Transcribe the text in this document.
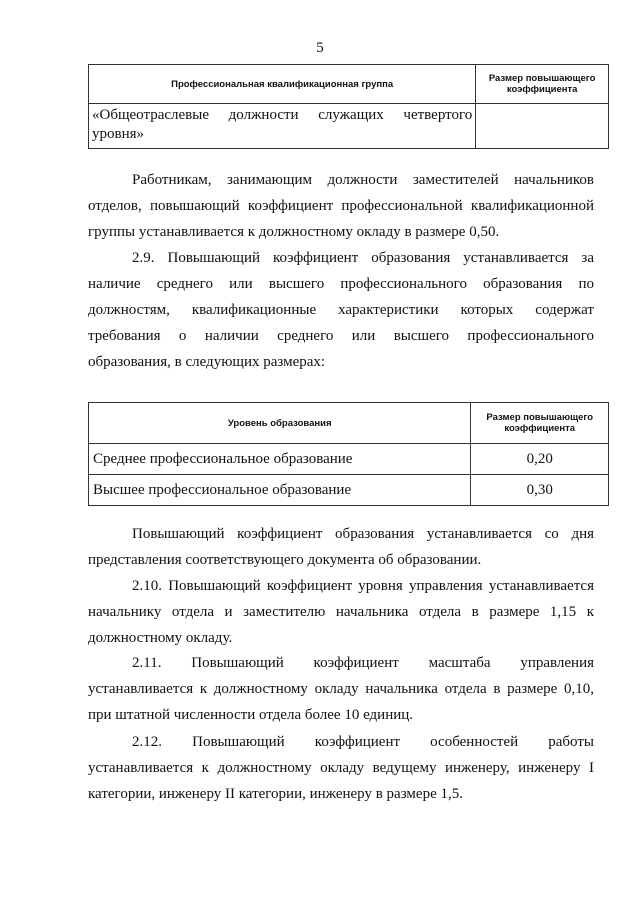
5
Профессиональная квалификационная группа	Размер повышающего коэффициента

«Общеотраслевые должности служащих четвертого
уровня»	

Работникам, занимающим должности заместителей начальников
отделов, повышающий коэффициент профессиональной квалификационной
группы устанавливается к должностному окладу в размере 0,50.
2.9. Повышающий коэффициент образования устанавливается за
наличие среднего или высшего профессионального образования по
должностям, квалификационные характеристики которых содержат
требования о наличии среднего или высшего профессионального
образования, в следующих размерах:
Уровень образования	Размер повышающего коэффициента
Среднее профессиональное образование	0,20
Высшее профессиональное образование	0,30
Повышающий коэффициент образования устанавливается со дня
представления соответствующего документа об образовании.
2.10. Повышающий коэффициент уровня управления устанавливается
начальнику отдела и заместителю начальника отдела в размере 1,15 к
должностному окладу.
2.11. Повышающий коэффициент масштаба управления
устанавливается к должностному окладу начальника отдела в размере 0,10,
при штатной численности отдела более 10 единиц.
2.12. Повышающий коэффициент особенностей работы
устанавливается к должностному окладу ведущему инженеру, инженеру I
категории, инженеру II категории, инженеру в размере 1,5.
